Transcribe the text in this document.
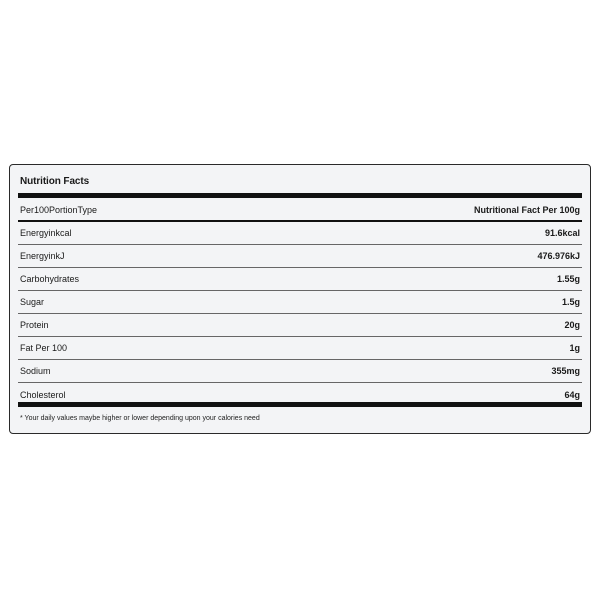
Nutrition Facts
Per100PortionType	Nutritional Fact Per 100g
Energyinkcal	91.6kcal
EnergyinkJ	476.976kJ
Carbohydrates	1.55g
Sugar	1.5g
Protein	20g
Fat Per 100	1g
Sodium	355mg
Cholesterol	64g
* Your daily values maybe higher or lower depending upon your calories need
